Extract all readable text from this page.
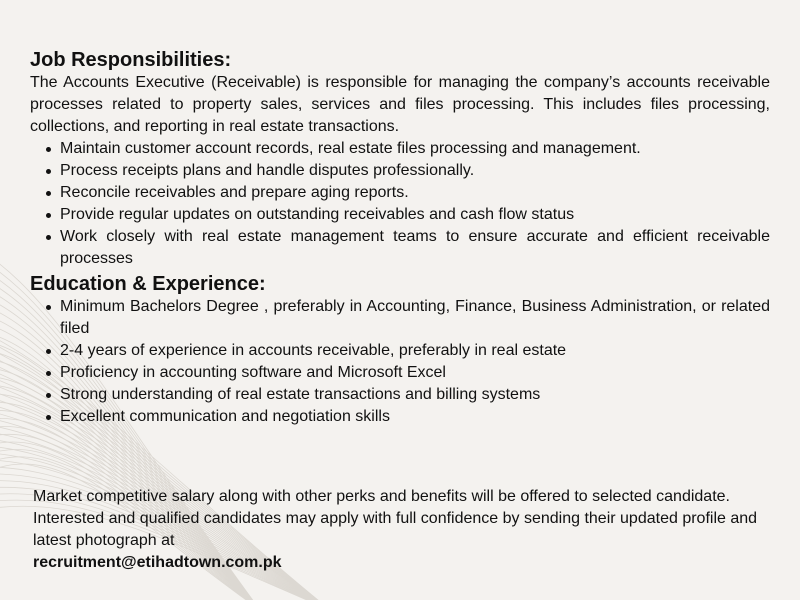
Job Responsibilities:

The Accounts Executive (Receivable) is responsible for managing the company’s accounts receivable processes related to property sales, services and files processing. This includes files processing, collections, and reporting in real estate transactions.

Maintain customer account records, real estate files processing and management.
Process receipts plans and handle disputes professionally.
Reconcile receivables and prepare aging reports.
Provide regular updates on outstanding receivables and cash flow status
Work closely with real estate management teams to ensure accurate and efficient receivable processes
Education & Experience:
Minimum Bachelors Degree , preferably in Accounting, Finance, Business Administration, or related filed
2-4 years of experience in accounts receivable, preferably in real estate
Proficiency in accounting software and Microsoft Excel
Strong understanding of real estate transactions and billing systems
Excellent communication and negotiation skills
Market competitive salary along with other perks and benefits will be offered to selected candidate. Interested and qualified candidates may apply with full confidence by sending their updated profile and latest photograph at
recruitment@etihadtown.com.pk
